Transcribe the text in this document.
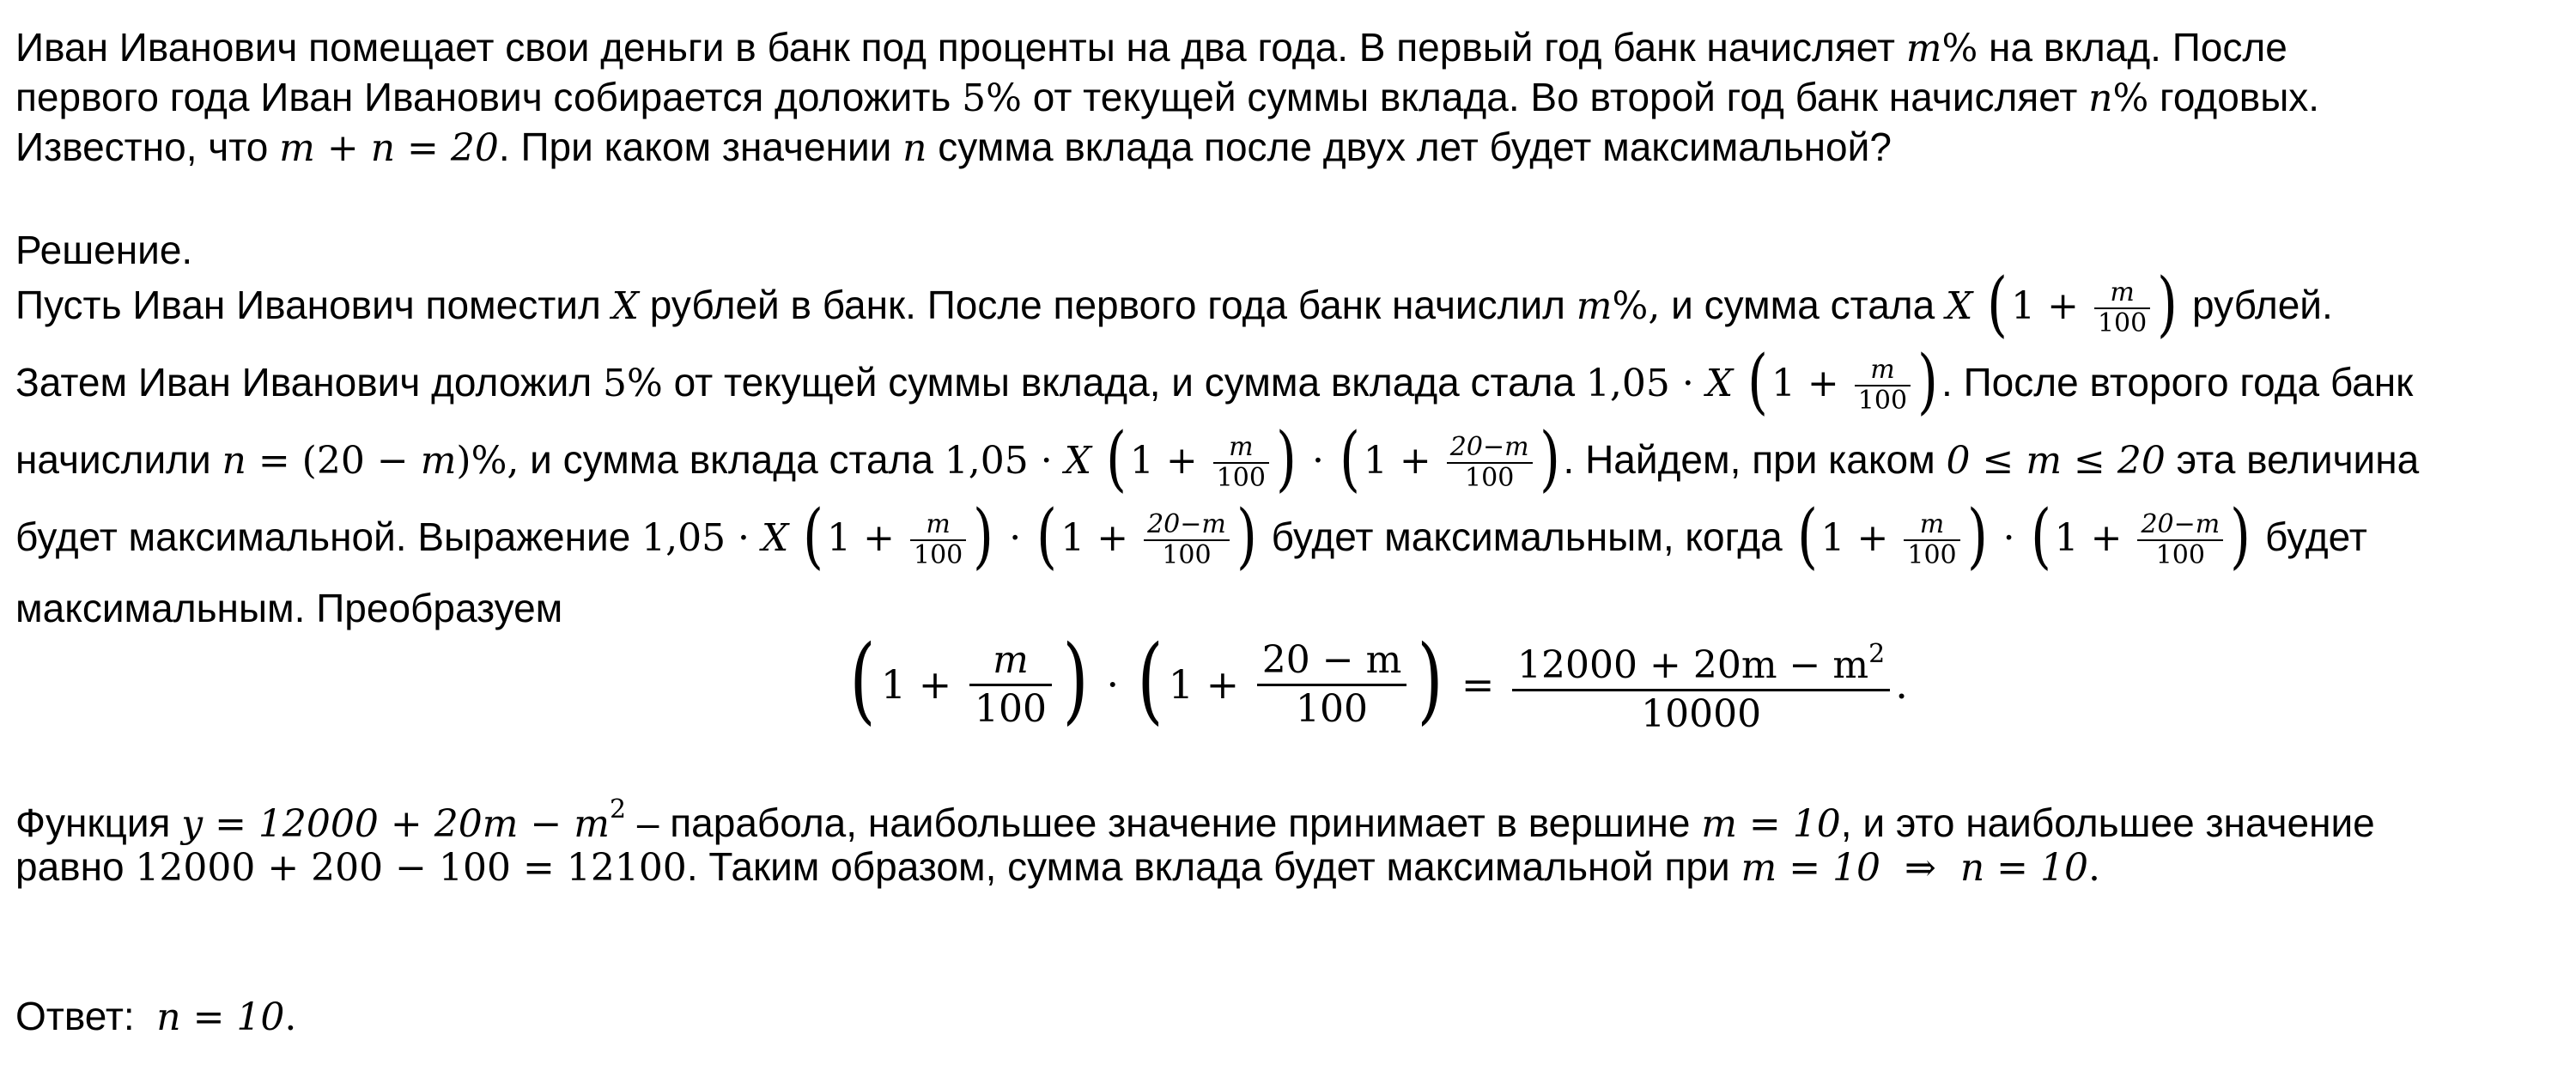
Иван Иванович помещает свои деньги в банк под проценты на два года. В первый год банк начисляет m% на вклад. После
первого года Иван Иванович собирается доложить 5% от текущей суммы вклада. Во второй год банк начисляет n% годовых.
Известно, что m + n = 20. При каком значении n сумма вклада после двух лет будет максимальной?
Решение.
Пусть Иван Иванович поместил X рублей в банк. После первого года банк начислил m%, и сумма стала X ($1 + \frac{m}{100}$ ) рублей.
Затем Иван Иванович доложил 5% от текущей суммы вклада, и сумма вклада стала 1,05 · X ($1 + \frac{m}{100}$ ). После второго года банк
начислили n = (20 − m)%, и сумма вклада стала 1,05 · X ($1 + \frac{m}{100}$ ) · ($1 + \frac{20-m}{100}$ ). Найдем, при каком 0 ≤ m ≤ 20 эта величина
будет максимальной. Выражение 1,05 · X ($1 + \frac{m}{100}$ ) · ($1 + \frac{20-m}{100}$ ) будет максимальным, когда ($1 + \frac{m}{100}$ ) · ($1 + \frac{20-m}{100}$ ) будет
максимальным. Преобразуем
( $1 + \frac{m}{100}$ ) · ( $1 + \frac{20 - m}{100}$ ) = $\frac{12000 + 20m - m^2}{10000}$ .
Функция $y = 12000 + 20m - m^2$ – парабола, наибольшее значение принимает в вершине m = 10, и это наибольшее значение
равно 12000 + 200 − 100 = 12100. Таким образом, сумма вклада будет максимальной при m = 10  ⇒  n = 10.
Ответ: n = 10.
